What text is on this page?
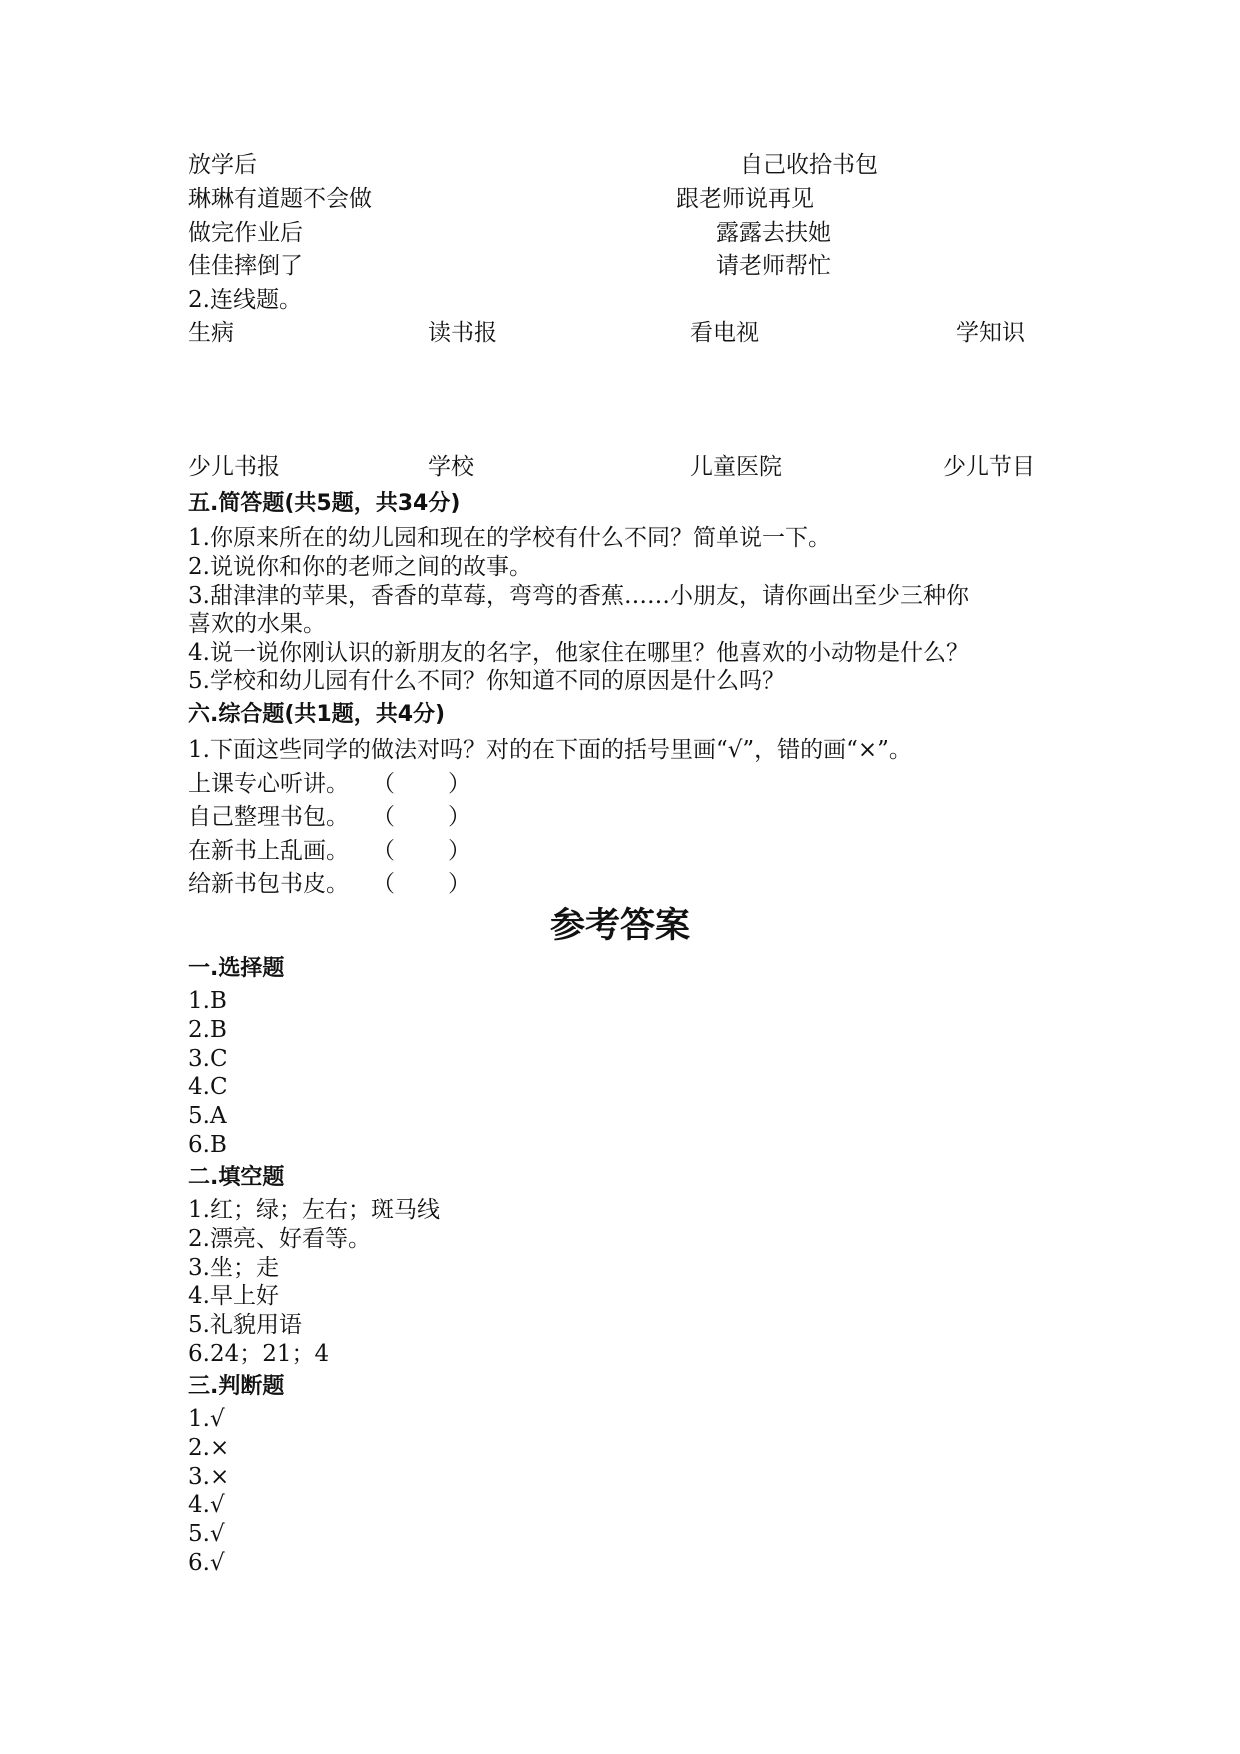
放学后	自己收拾书包
琳琳有道题不会做	跟老师说再见
做完作业后	露露去扶她
佳佳摔倒了	请老师帮忙
2.连线题。
生病	读书报	看电视	学知识
少儿书报	学校	儿童医院	少儿节目
五.简答题(共5题，共34分)
1.你原来所在的幼儿园和现在的学校有什么不同？简单说一下。
2.说说你和你的老师之间的故事。
3.甜津津的苹果，香香的草莓，弯弯的香蕉……小朋友，请你画出至少三种你
喜欢的水果。
4.说一说你刚认识的新朋友的名字，他家住在哪里？他喜欢的小动物是什么？
5.学校和幼儿园有什么不同？你知道不同的原因是什么吗？
六.综合题(共1题，共4分)
1.下面这些同学的做法对吗？对的在下面的括号里画“√”，错的画“×”。
上课专心听讲。 （ ）
自己整理书包。 （ ）
在新书上乱画。 （ ）
给新书包书皮。 （ ）
参考答案
一.选择题
1.B
2.B
3.C
4.C
5.A
6.B
二.填空题
1.红；绿；左右；斑马线
2.漂亮、好看等。
3.坐；走
4.早上好
5.礼貌用语
6.24；21；4
三.判断题
1.√
2.×
3.×
4.√
5.√
6.√
